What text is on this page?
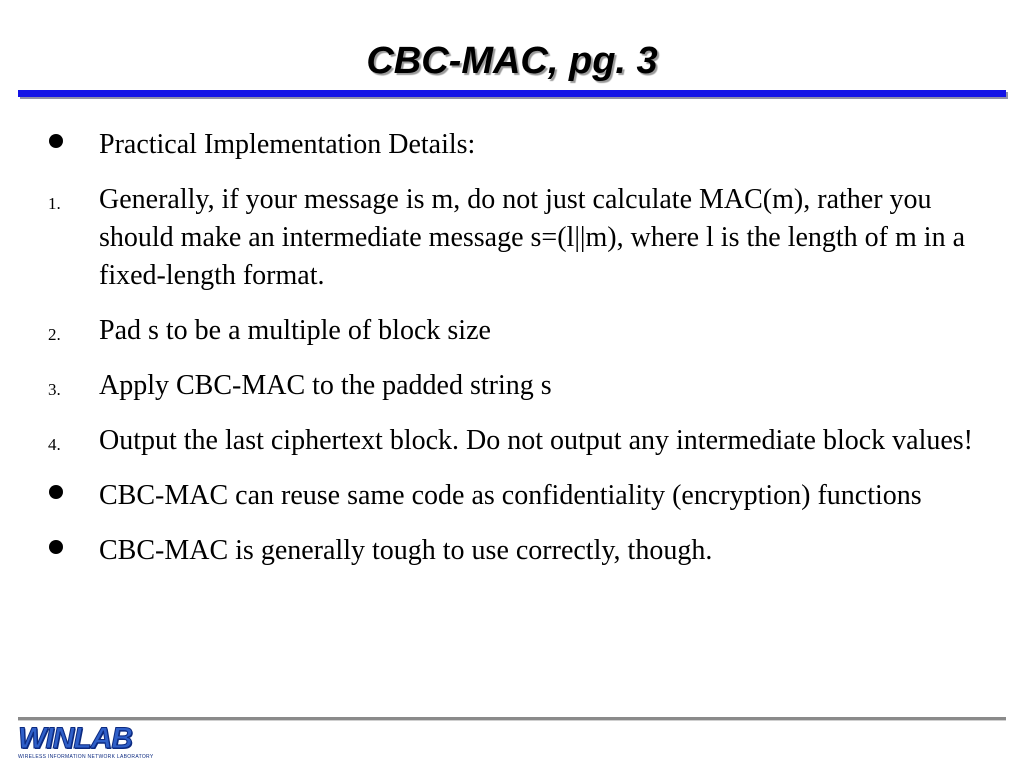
CBC-MAC, pg. 3
Practical Implementation Details:
1.	Generally, if your message is m, do not just calculate MAC(m), rather you should make an intermediate message s=(l||m), where l is the length of m in a fixed-length format.
2.	Pad s to be a multiple of block size
3.	Apply CBC-MAC to the padded string s
4.	Output the last ciphertext block. Do not output any intermediate block values!
CBC-MAC can reuse same code as confidentiality (encryption) functions
CBC-MAC is generally tough to use correctly, though.
WINLAB
WIRELESS INFORMATION NETWORK LABORATORY
